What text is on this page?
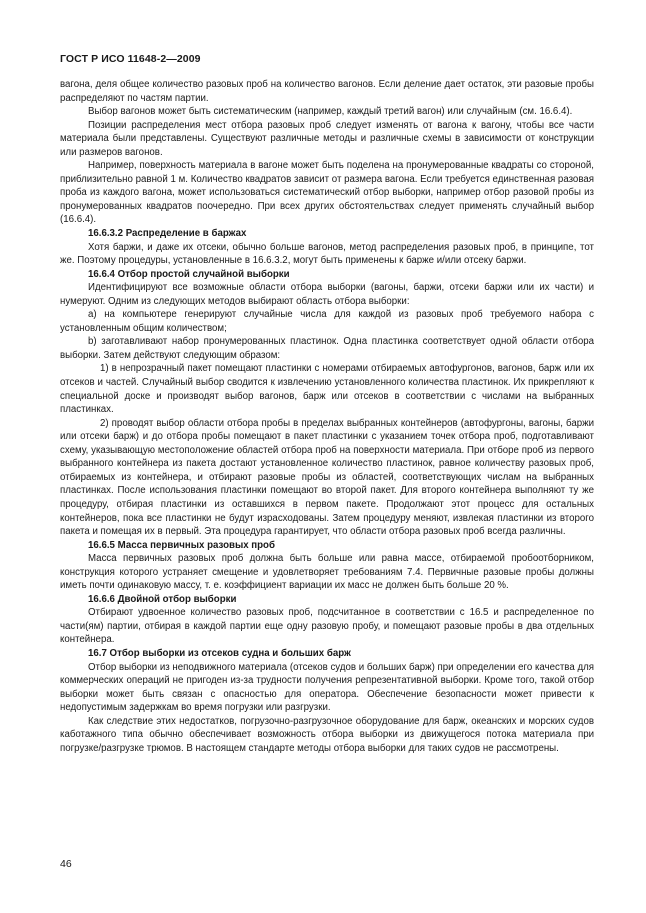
ГОСТ Р ИСО 11648-2—2009

вагона, деля общее количество разовых проб на количество вагонов. Если деление дает остаток, эти разовые пробы распределяют по частям партии.

Выбор вагонов может быть систематическим (например, каждый третий вагон) или случайным (см. 16.6.4).

Позиции распределения мест отбора разовых проб следует изменять от вагона к вагону, чтобы все части материала были представлены. Существуют различные методы и различные схемы в зависимости от конструкции или размеров вагонов.

Например, поверхность материала в вагоне может быть поделена на пронумерованные квадраты со стороной, приблизительно равной 1 м. Количество квадратов зависит от размера вагона. Если требуется единственная разовая проба из каждого вагона, может использоваться систематический отбор выборки, например отбор разовой пробы из пронумерованных квадратов поочередно. При всех других обстоятельствах следует применять случайный выбор (16.6.4).

16.6.3.2 Распределение в баржах

Хотя баржи, и даже их отсеки, обычно больше вагонов, метод распределения разовых проб, в принципе, тот же. Поэтому процедуры, установленные в 16.6.3.2, могут быть применены к барже и/или отсеку баржи.

16.6.4 Отбор простой случайной выборки

Идентифицируют все возможные области отбора выборки (вагоны, баржи, отсеки баржи или их части) и нумеруют. Одним из следующих методов выбирают область отбора выборки:

а) на компьютере генерируют случайные числа для каждой из разовых проб требуемого набора с установленным общим количеством;

b) заготавливают набор пронумерованных пластинок. Одна пластинка соответствует одной области отбора выборки. Затем действуют следующим образом:

1) в непрозрачный пакет помещают пластинки с номерами отбираемых автофургонов, вагонов, барж или их отсеков и частей. Случайный выбор сводится к извлечению установленного количества пластинок. Их прикрепляют к специальной доске и производят выбор вагонов, барж или отсеков в соответствии с числами на выбранных пластинках.

2) проводят выбор области отбора пробы в пределах выбранных контейнеров (автофургоны, вагоны, баржи или отсеки барж) и до отбора пробы помещают в пакет пластинки с указанием точек отбора проб, подготавливают схему, указывающую местоположение областей отбора проб на поверхности материала. При отборе проб из первого выбранного контейнера из пакета достают установленное количество пластинок, равное количеству разовых проб, отбираемых из контейнера, и отбирают разовые пробы из областей, соответствующих числам на выбранных пластинках. После использования пластинки помещают во второй пакет. Для второго контейнера выполняют ту же процедуру, отбирая пластинки из оставшихся в первом пакете. Продолжают этот процесс для остальных контейнеров, пока все пластинки не будут израсходованы. Затем процедуру меняют, извлекая пластинки из второго пакета и помещая их в первый. Эта процедура гарантирует, что области отбора разовых проб всегда различны.

16.6.5 Масса первичных разовых проб

Масса первичных разовых проб должна быть больше или равна массе, отбираемой пробоотборником, конструкция которого устраняет смещение и удовлетворяет требованиям 7.4. Первичные разовые пробы должны иметь почти одинаковую массу, т. е. коэффициент вариации их масс не должен быть больше 20 %.

16.6.6 Двойной отбор выборки

Отбирают удвоенное количество разовых проб, подсчитанное в соответствии с 16.5 и распределенное по части(ям) партии, отбирая в каждой партии еще одну разовую пробу, и помещают разовые пробы в два отдельных контейнера.

16.7 Отбор выборки из отсеков судна и больших барж

Отбор выборки из неподвижного материала (отсеков судов и больших барж) при определении его качества для коммерческих операций не пригоден из-за трудности получения репрезентативной выборки. Кроме того, такой отбор выборки может быть связан с опасностью для оператора. Обеспечение безопасности может привести к недопустимым задержкам во время погрузки или разгрузки.

Как следствие этих недостатков, погрузочно-разгрузочное оборудование для барж, океанских и морских судов каботажного типа обычно обеспечивает возможность отбора выборки из движущегося потока материала при погрузке/разгрузке трюмов. В настоящем стандарте методы отбора выборки для таких судов не рассмотрены.

46
